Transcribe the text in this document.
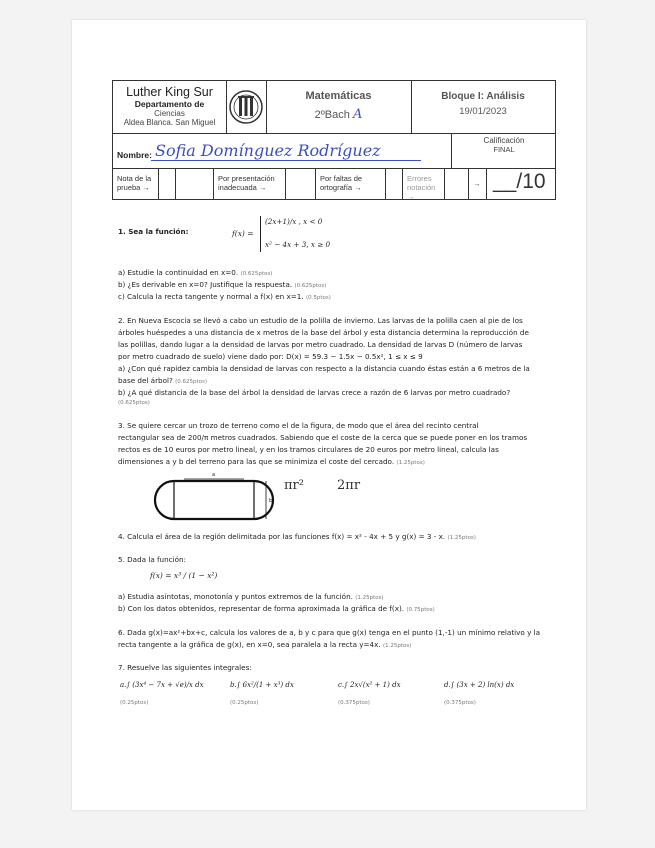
Luther King Sur
Departamento de
Ciencias
Aldea Blanca. San Miguel
Matemáticas
2ºBach A
Bloque I: Análisis
19/01/2023
Nombre: Sofia Domínguez Rodríguez
Calificación
FINAL
Nota de la prueba →
Por presentación inadecuada →
Por faltas de ortografía →
Errores notación →
→ __/10
1. Sea la función:	f(x) =
(2x+1)/x , x < 0
x² − 4x + 3, x ≥ 0
a) Estudie la continuidad en x=0. (0.625ptos)
b) ¿Es derivable en x=0? Justifique la respuesta. (0.625ptos)
c) Calcula la recta tangente y normal a f(x) en x=1. (0.5ptos)
2. En Nueva Escocia se llevó a cabo un estudio de la polilla de invierno. Las larvas de la polilla caen al pie de los
árboles huéspedes a una distancia de x metros de la base del árbol y esta distancia determina la reproducción de
las polillas, dando lugar a la densidad de larvas por metro cuadrado. La densidad de larvas D (número de larvas
por metro cuadrado de suelo) viene dado por: D(x) = 59.3 − 1.5x − 0.5x², 1 ≤ x ≤ 9
a) ¿Con qué rapidez cambia la densidad de larvas con respecto a la distancia cuando éstas están a 6 metros de la
base del árbol? (0.625ptos)
b) ¿A qué distancia de la base del árbol la densidad de larvas crece a razón de 6 larvas por metro cuadrado?
(0.625ptos)
3. Se quiere cercar un trozo de terreno como el de la figura, de modo que el área del recinto central
rectangular sea de 200/π metros cuadrados. Sabiendo que el coste de la cerca que se puede poner en los tramos
rectos es de 10 euros por metro lineal, y en los tramos circulares de 20 euros por metro lineal, calcula las
dimensiones a y b del terreno para las que se minimiza el coste del cercado. (1.25ptos)
a
b
πr²	2πr
4. Calcula el área de la región delimitada por las funciones f(x) = x² - 4x + 5 y g(x) = 3 - x. (1.25ptos)
5. Dada la función:
f(x) = x³ / (1 − x²)
a) Estudia asíntotas, monotonía y puntos extremos de la función. (1.25ptos)
b) Con los datos obtenidos, representar de forma aproximada la gráfica de f(x). (0.75ptos)
6. Dada g(x)=ax²+bx+c, calcula los valores de a, b y c para que g(x) tenga en el punto (1,-1) un mínimo relativo y la
recta tangente a la gráfica de g(x), en x=0, sea paralela a la recta y=4x. (1.25ptos)
7. Resuelve las siguientes integrales:
a.∫ (3x⁴ − 7x + √e)/x dx	b.∫ 6x²/(1 + x³) dx	c.∫ 2x√(x² + 1) dx	d.∫ (3x + 2) ln(x) dx
(0.25ptos)	(0.25ptos)	(0.375ptos)	(0.375ptos)
